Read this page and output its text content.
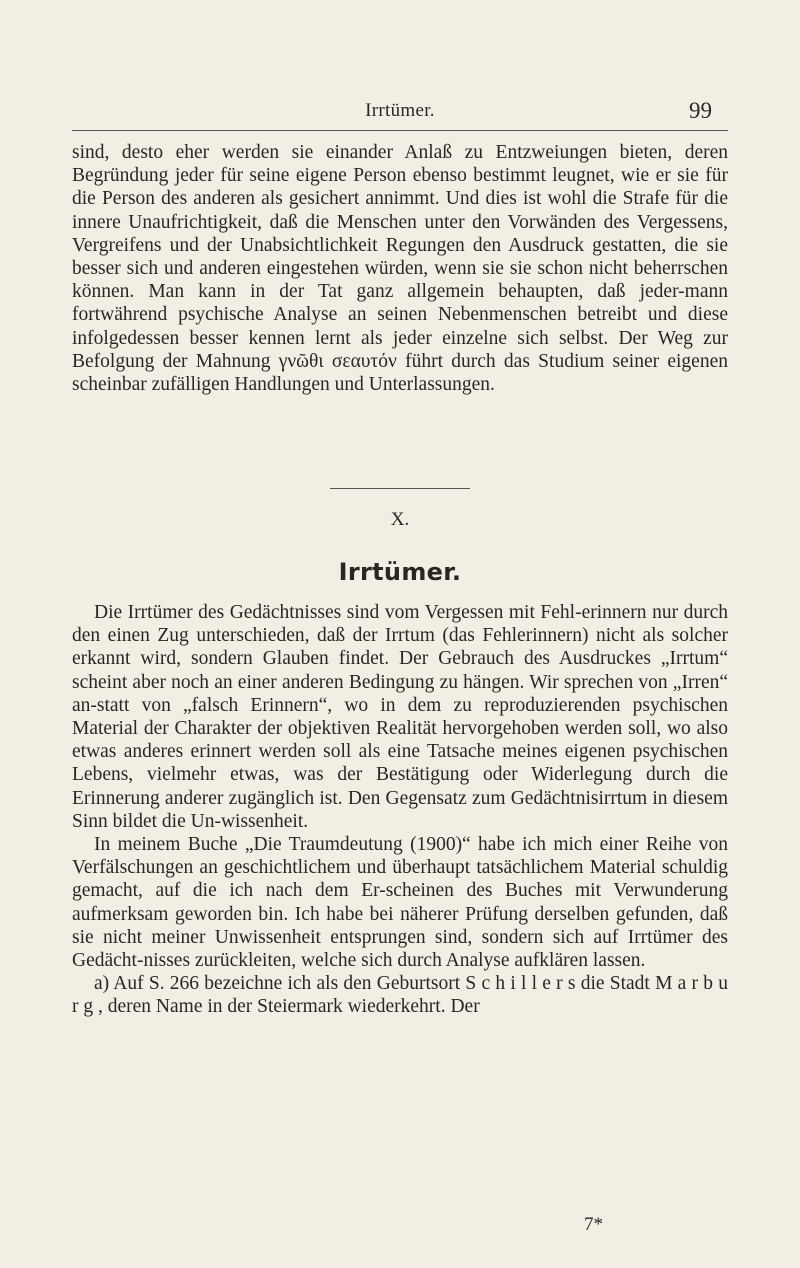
Irrtümer.	99

sind, desto eher werden sie einander Anlaß zu Entzweiungen bieten, deren Begründung jeder für seine eigene Person ebenso bestimmt leugnet, wie er sie für die Person des anderen als gesichert annimmt. Und dies ist wohl die Strafe für die innere Unaufrichtigkeit, daß die Menschen unter den Vorwänden des Vergessens, Vergreifens und der Unabsichtlichkeit Regungen den Ausdruck gestatten, die sie besser sich und anderen eingestehen würden, wenn sie sie schon nicht beherrschen können. Man kann in der Tat ganz allgemein behaupten, daß jeder-mann fortwährend psychische Analyse an seinen Nebenmenschen betreibt und diese infolgedessen besser kennen lernt als jeder einzelne sich selbst. Der Weg zur Befolgung der Mahnung γνῶθι σεαυτόν führt durch das Studium seiner eigenen scheinbar zufälligen Handlungen und Unterlassungen.

X.
Irrtümer.

Die Irrtümer des Gedächtnisses sind vom Vergessen mit Fehl-erinnern nur durch den einen Zug unterschieden, daß der Irrtum (das Fehlerinnern) nicht als solcher erkannt wird, sondern Glauben findet. Der Gebrauch des Ausdruckes „Irrtum“ scheint aber noch an einer anderen Bedingung zu hängen. Wir sprechen von „Irren“ an-statt von „falsch Erinnern“, wo in dem zu reproduzierenden psychischen Material der Charakter der objektiven Realität hervorgehoben werden soll, wo also etwas anderes erinnert werden soll als eine Tatsache meines eigenen psychischen Lebens, vielmehr etwas, was der Bestätigung oder Widerlegung durch die Erinnerung anderer zugänglich ist. Den Gegensatz zum Gedächtnisirrtum in diesem Sinn bildet die Un-wissenheit.

In meinem Buche „Die Traumdeutung (1900)“ habe ich mich einer Reihe von Verfälschungen an geschichtlichem und überhaupt tatsächlichem Material schuldig gemacht, auf die ich nach dem Er-scheinen des Buches mit Verwunderung aufmerksam geworden bin. Ich habe bei näherer Prüfung derselben gefunden, daß sie nicht meiner Unwissenheit entsprungen sind, sondern sich auf Irrtümer des Gedächt-nisses zurückleiten, welche sich durch Analyse aufklären lassen.

a) Auf S. 266 bezeichne ich als den Geburtsort S c h i l l e r s die Stadt M a r b u r g , deren Name in der Steiermark wiederkehrt. Der

7*
